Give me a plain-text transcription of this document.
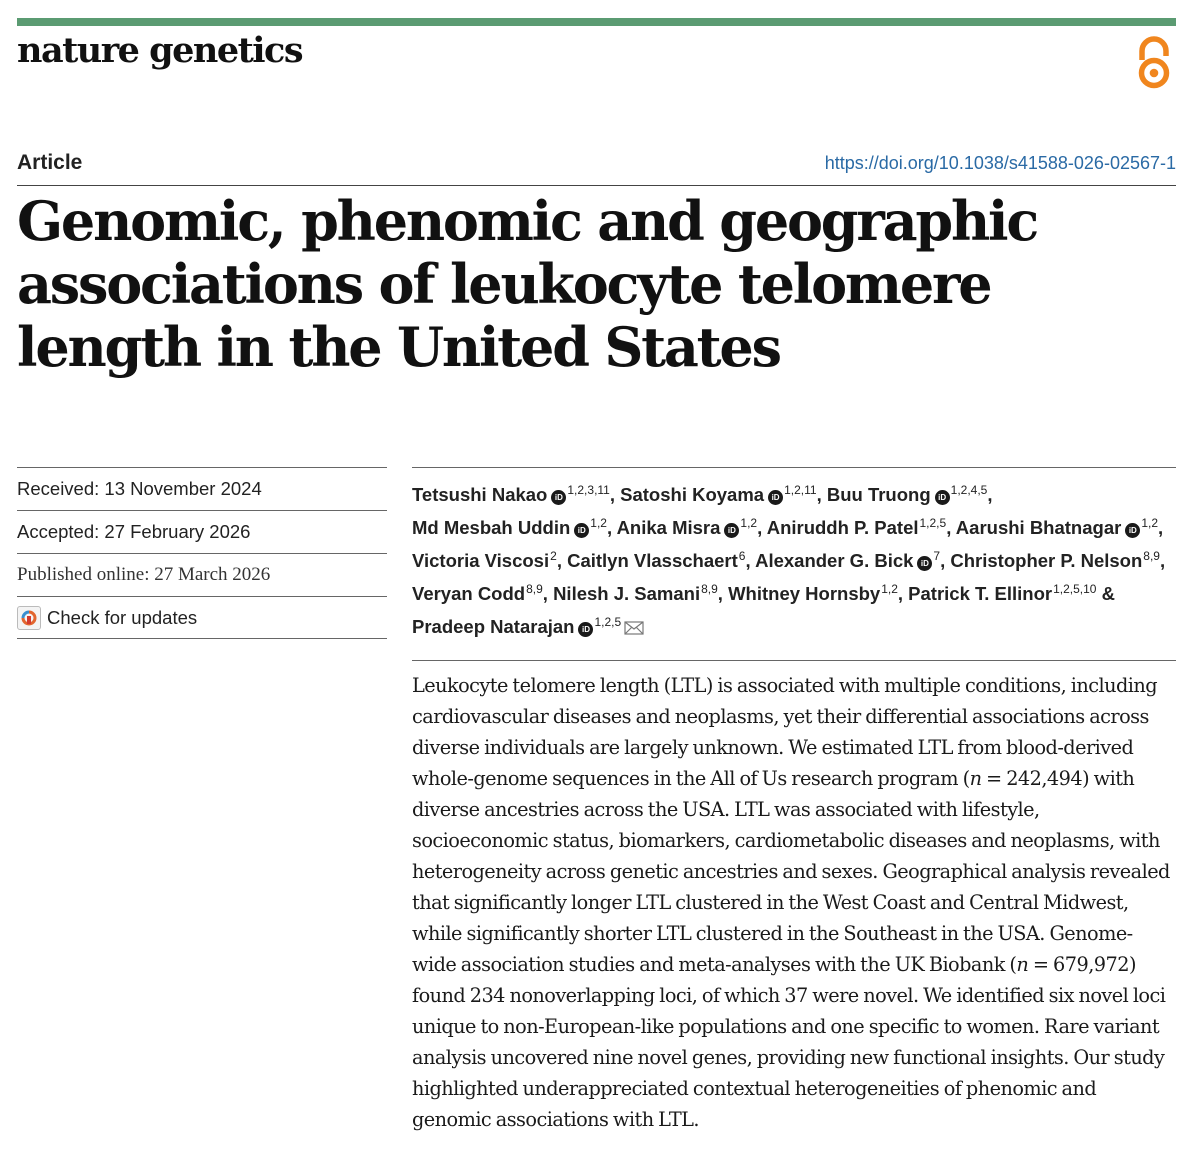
nature genetics
Article	https://doi.org/10.1038/s41588-026-02567-1
Genomic, phenomic and geographic associations of leukocyte telomere length in the United States
Received: 13 November 2024
Accepted: 27 February 2026
Published online: 27 March 2026
Check for updates
Tetsushi Nakao iD$^{1,2,3,11}$, Satoshi Koyama iD$^{1,2,11}$, Buu Truong iD$^{1,2,4,5}$, Md Mesbah Uddin iD$^{1,2}$, Anika Misra iD$^{1,2}$, Aniruddh P. Patel$^{1,2,5}$, Aarushi Bhatnagar iD$^{1,2}$, Victoria Viscosi$^2$, Caitlyn Vlasschaert$^6$, Alexander G. Bick iD$^7$, Christopher P. Nelson$^{8,9}$, Veryan Codd$^{8,9}$, Nilesh J. Samani$^{8,9}$, Whitney Hornsby$^{1,2}$, Patrick T. Ellinor$^{1,2,5,10}$ & Pradeep Natarajan iD$^{1,2,5}$

Leukocyte telomere length (LTL) is associated with multiple conditions, including cardiovascular diseases and neoplasms, yet their differential associations across diverse individuals are largely unknown. We estimated LTL from blood-derived whole-genome sequences in the All of Us research program (n = 242,494) with diverse ancestries across the USA. LTL was associated with lifestyle, socioeconomic status, biomarkers, cardiometabolic diseases and neoplasms, with heterogeneity across genetic ancestries and sexes. Geographical analysis revealed that significantly longer LTL clustered in the West Coast and Central Midwest, while significantly shorter LTL clustered in the Southeast in the USA. Genome-wide association studies and meta-analyses with the UK Biobank (n = 679,972) found 234 nonoverlapping loci, of which 37 were novel. We identified six novel loci unique to non-European-like populations and one specific to women. Rare variant analysis uncovered nine novel genes, providing new functional insights. Our study highlighted underappreciated contextual heterogeneities of phenomic and genomic associations with LTL.
